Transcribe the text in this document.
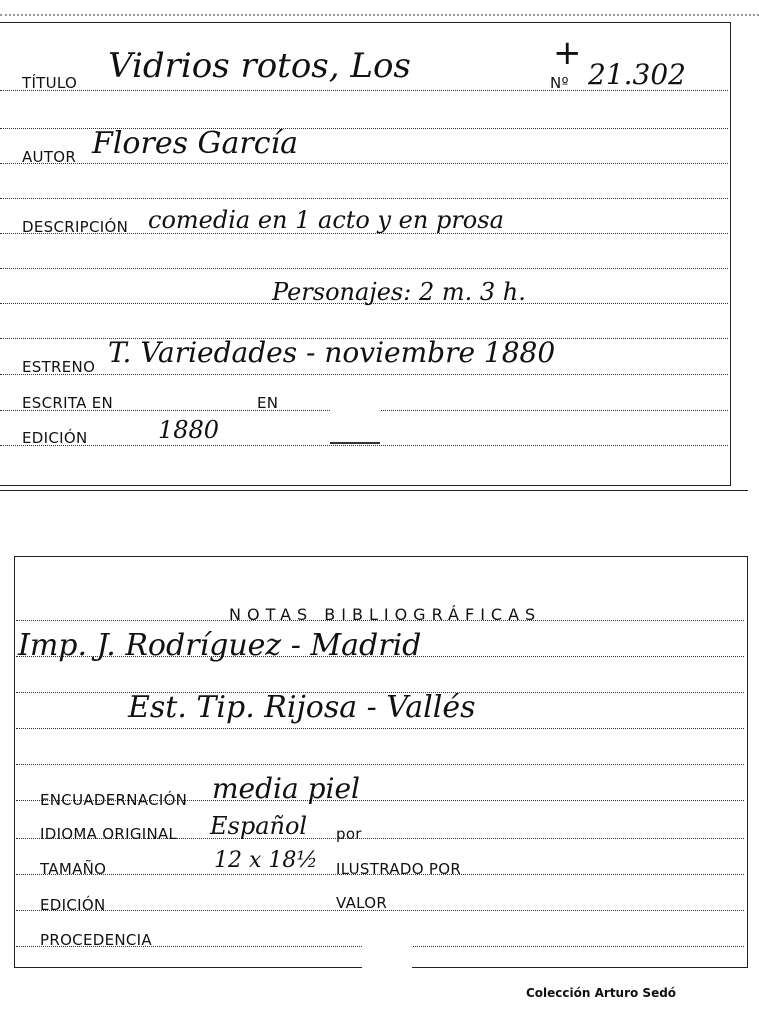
TÍTULO Vidrios rotos, Los	+
Nº 21.302
AUTOR Flores García
DESCRIPCIÓN comedia en 1 acto y en prosa
Personajes: 2 m. 3 h.
ESTRENO T. Variedades - noviembre 1880
ESCRITA EN	EN
EDICIÓN	1880
NOTAS BIBLIOGRÁFICAS
Imp. J. Rodríguez - Madrid
Est. Tip. Rijosa - Vallés
ENCUADERNACIÓN media piel
IDIOMA ORIGINAL Español por
TAMAÑO	12 x 18½ ILUSTRADO POR
EDICIÓN	VALOR
PROCEDENCIA
Colección Arturo Sedó
